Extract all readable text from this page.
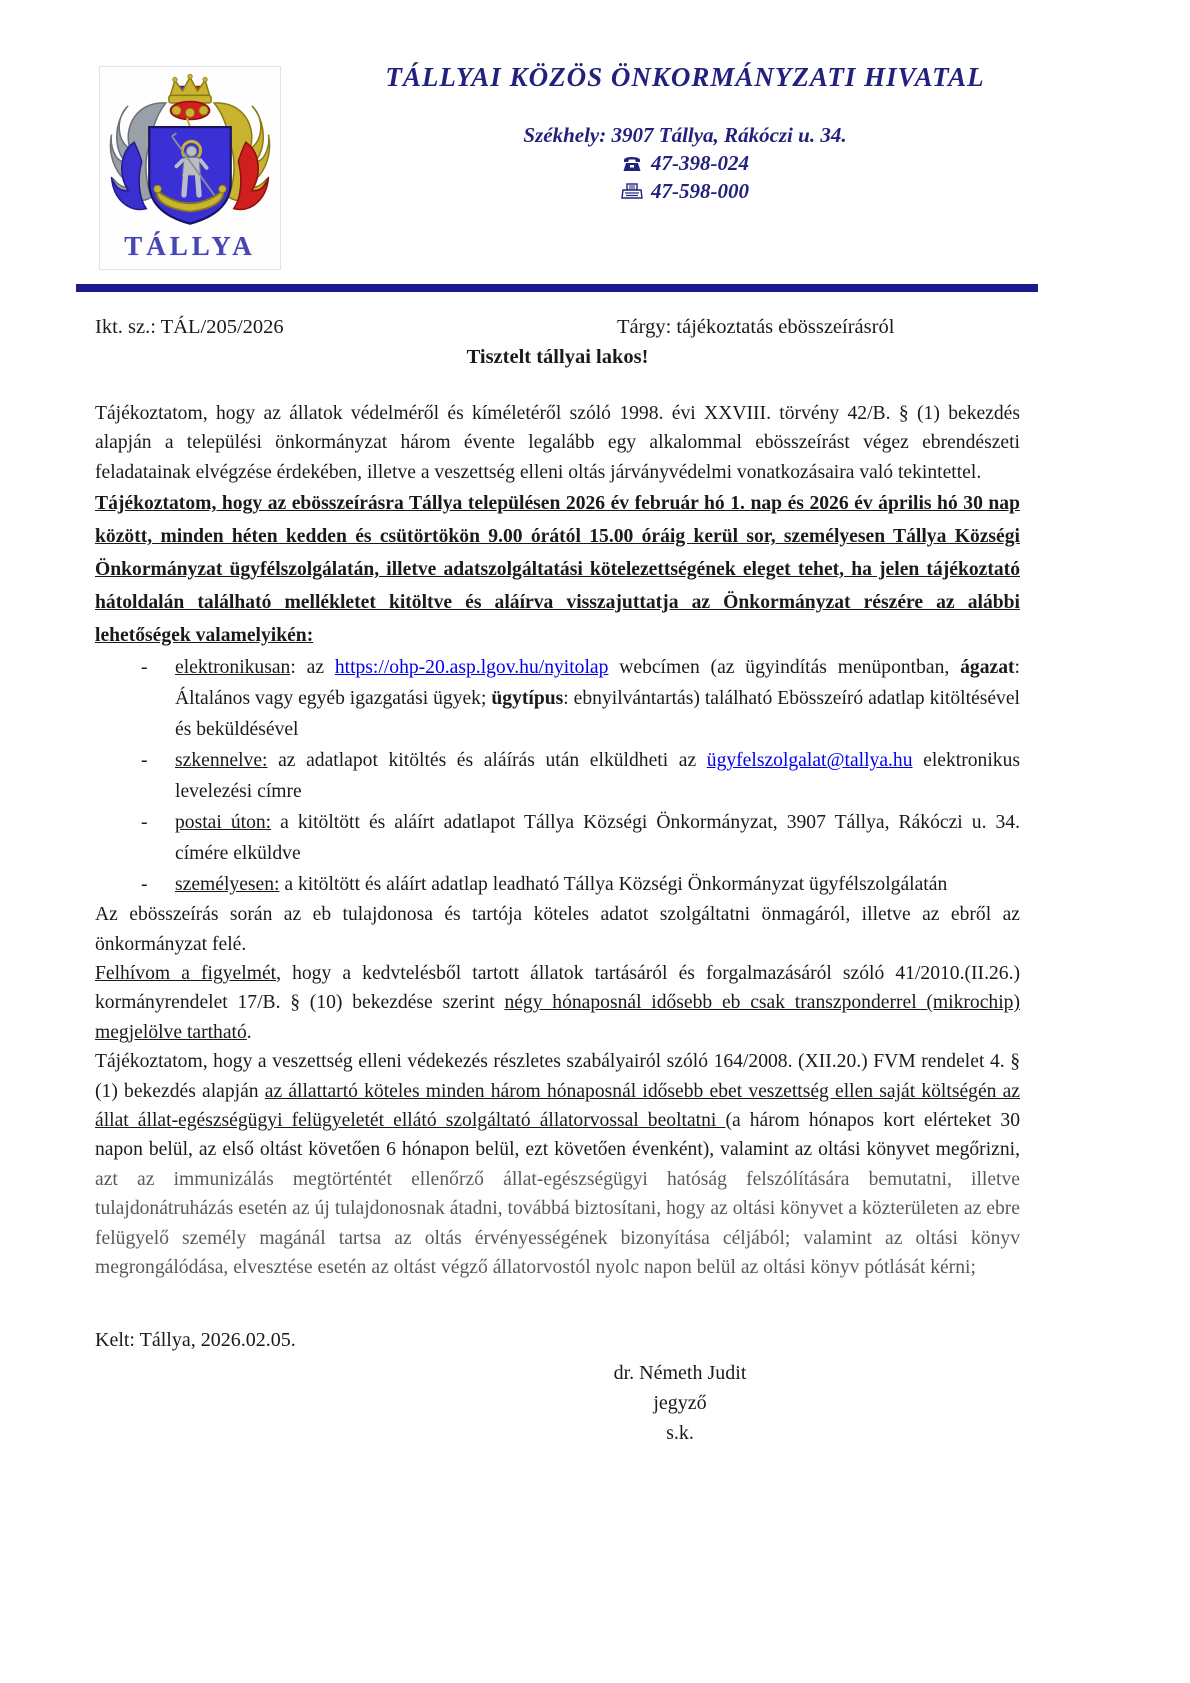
TÁLLYA
TÁLLYAI KÖZÖS ÖNKORMÁNYZATI HIVATAL
Székhely: 3907 Tállya, Rákóczi u. 34.
47-398-024
47-598-000
Ikt. sz.: TÁL/205/2026	Tárgy: tájékoztatás ebösszeírásról
Tisztelt tállyai lakos!

Tájékoztatom, hogy az állatok védelméről és kíméletéről szóló 1998. évi XXVIII. törvény 42/B. § (1) bekezdés alapján a települési önkormányzat három évente legalább egy alkalommal ebösszeírást végez ebrendészeti feladatainak elvégzése érdekében, illetve a veszettség elleni oltás járványvédelmi vonatkozásaira való tekintettel.

Tájékoztatom, hogy az ebösszeírásra Tállya településen 2026 év február hó 1. nap és 2026 év április hó 30 nap között, minden héten kedden és csütörtökön 9.00 órától 15.00 óráig kerül sor, személyesen Tállya Községi Önkormányzat ügyfélszolgálatán, illetve adatszolgáltatási kötelezettségének eleget tehet, ha jelen tájékoztató hátoldalán található mellékletet kitöltve és aláírva visszajuttatja az Önkormányzat részére az alábbi lehetőségek valamelyikén:

- elektronikusan: az https://ohp-20.asp.lgov.hu/nyitolap webcímen (az ügyindítás menüpontban, ágazat: Általános vagy egyéb igazgatási ügyek; ügytípus: ebnyilvántartás) található Ebösszeíró adatlap kitöltésével és beküldésével
- szkennelve: az adatlapot kitöltés és aláírás után elküldheti az ügyfelszolgalat@tallya.hu elektronikus levelezési címre
- postai úton: a kitöltött és aláírt adatlapot Tállya Községi Önkormányzat, 3907 Tállya, Rákóczi u. 34. címére elküldve
- személyesen: a kitöltött és aláírt adatlap leadható Tállya Községi Önkormányzat ügyfélszolgálatán

Az ebösszeírás során az eb tulajdonosa és tartója köteles adatot szolgáltatni önmagáról, illetve az ebről az önkormányzat felé.

Felhívom a figyelmét, hogy a kedvtelésből tartott állatok tartásáról és forgalmazásáról szóló 41/2010.(II.26.) kormányrendelet 17/B. § (10) bekezdése szerint négy hónaposnál idősebb eb csak transzponderrel (mikrochip) megjelölve tartható.

Tájékoztatom, hogy a veszettség elleni védekezés részletes szabályairól szóló 164/2008. (XII.20.) FVM rendelet 4. § (1) bekezdés alapján az állattartó köteles minden három hónaposnál idősebb ebet veszettség ellen saját költségén az állat állat-egészségügyi felügyeletét ellátó szolgáltató állatorvossal beoltatni (a három hónapos kort elérteket 30 napon belül, az első oltást követően 6 hónapon belül, ezt követően évenként), valamint az oltási könyvet megőrizni, azt az immunizálás megtörténtét ellenőrző állat-egészségügyi hatóság felszólítására bemutatni, illetve tulajdonátruházás esetén az új tulajdonosnak átadni, továbbá biztosítani, hogy az oltási könyvet a közterületen az ebre felügyelő személy magánál tartsa az oltás érvényességének bizonyítása céljából; valamint az oltási könyv megrongálódása, elvesztése esetén az oltást végző állatorvostól nyolc napon belül az oltási könyv pótlását kérni;

Kelt: Tállya, 2026.02.05.
dr. Németh Judit
jegyző
s.k.
